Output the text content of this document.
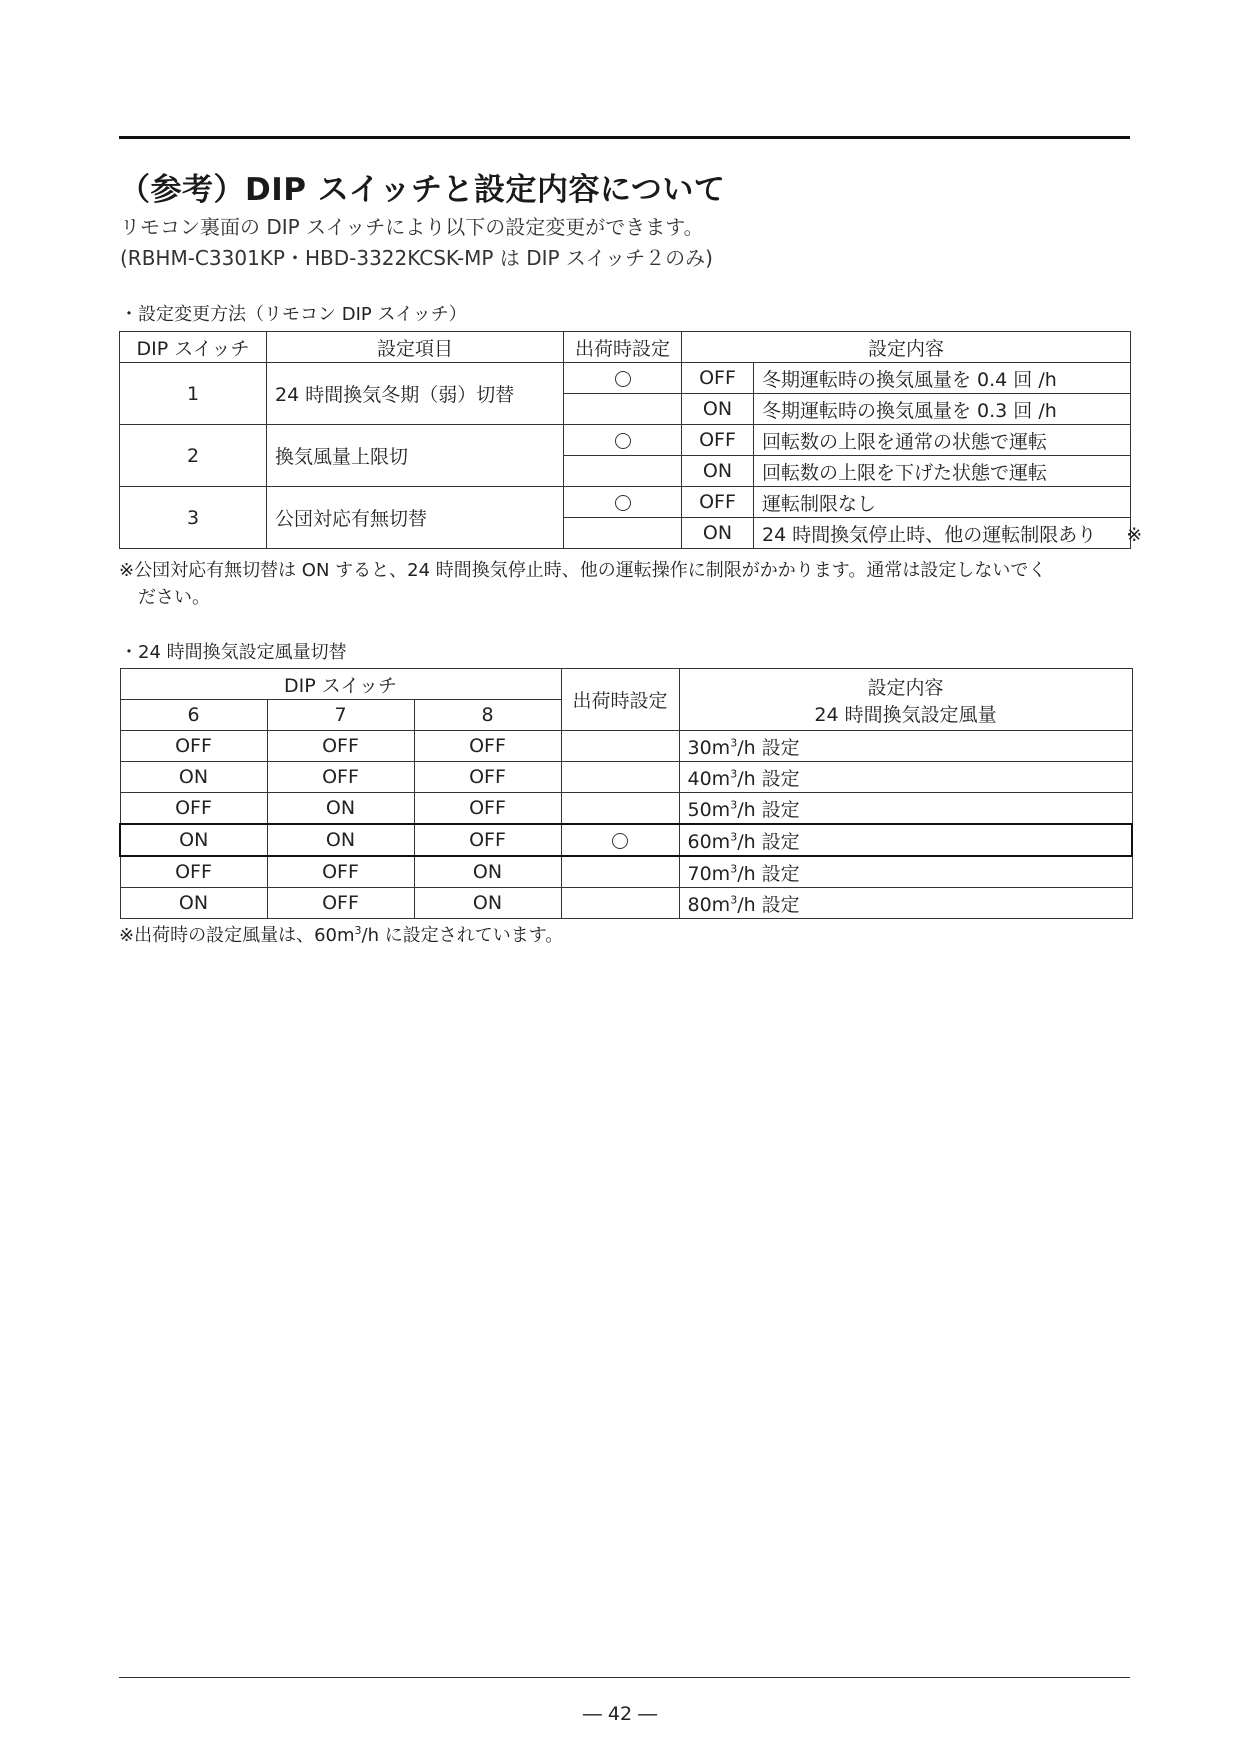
（参考）DIP スイッチと設定内容について
リモコン裏面の DIP スイッチにより以下の設定変更ができます。
(RBHM-C3301KP・HBD-3322KCSK-MP は DIP スイッチ２のみ)
・設定変更方法（リモコン DIP スイッチ）
DIP スイッチ	設定項目	出荷時設定	設定内容	
1	24 時間換気冬期（弱）切替		OFF	冬期運転時の換気風量を 0.4 回 /h
			ON	冬期運転時の換気風量を 0.3 回 /h
2	換気風量上限切		OFF	回転数の上限を通常の状態で運転
			ON	回転数の上限を下げた状態で運転
3	公団対応有無切替		OFF	運転制限なし
			ON	24 時間換気停止時、他の運転制限あり ※
※公団対応有無切替は ON すると、24 時間換気停止時、他の運転操作に制限がかかります。通常は設定しないでく
ださい。
・24 時間換気設定風量切替
DIP スイッチ			出荷時設定	設定内容
24 時間換気設定風量

6	7	8		
OFF	OFF	OFF		$30m^3/h$ 設定
ON	OFF	OFF		$40m^3/h$ 設定
OFF	ON	OFF		$50m^3/h$ 設定
ON	ON	OFF		$60m^3/h$ 設定
OFF	OFF	ON		$70m^3/h$ 設定
ON	OFF	ON		$80m^3/h$ 設定
※出荷時の設定風量は、$60m^3/h$ に設定されています。
― 42 ―
